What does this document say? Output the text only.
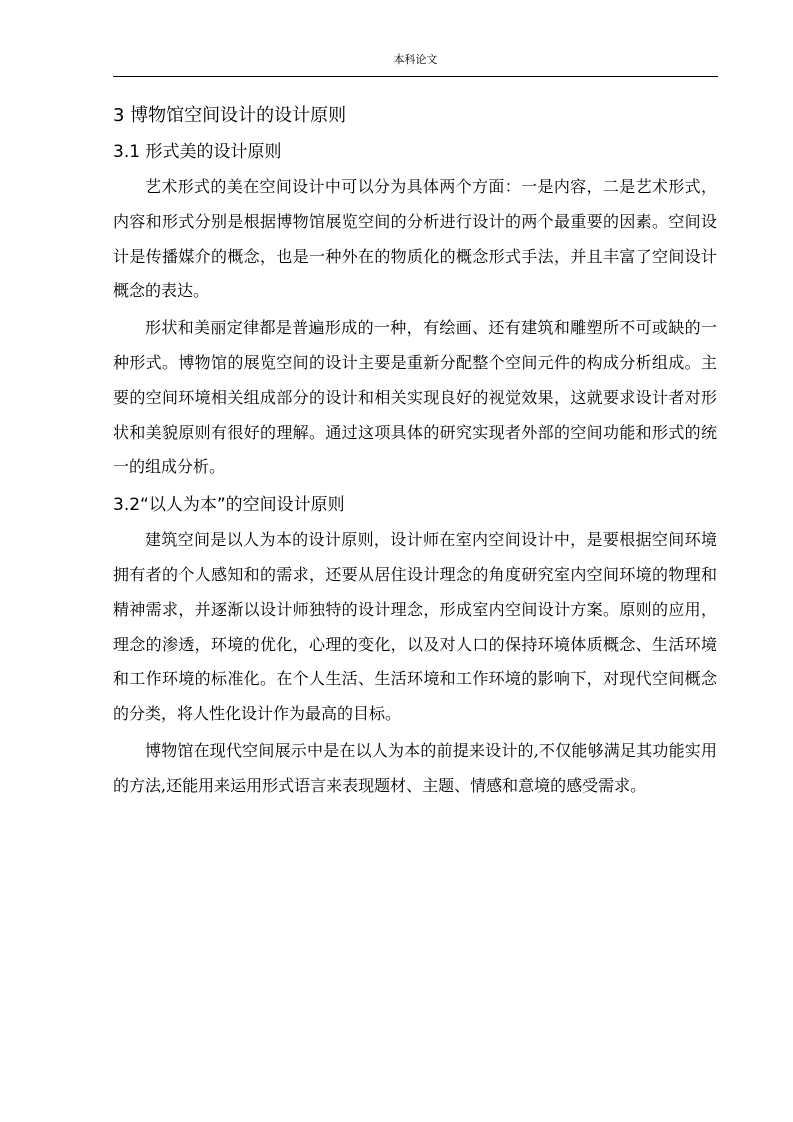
本科论文
3 博物馆空间设计的设计原则
3.1 形式美的设计原则

艺术形式的美在空间设计中可以分为具体两个方面：一是内容，二是艺术形式，内容和形式分别是根据博物馆展览空间的分析进行设计的两个最重要的因素。空间设计是传播媒介的概念，也是一种外在的物质化的概念形式手法，并且丰富了空间设计概念的表达。

形状和美丽定律都是普遍形成的一种，有绘画、还有建筑和雕塑所不可或缺的一种形式。博物馆的展览空间的设计主要是重新分配整个空间元件的构成分析组成。主要的空间环境相关组成部分的设计和相关实现良好的视觉效果，这就要求设计者对形状和美貌原则有很好的理解。通过这项具体的研究实现者外部的空间功能和形式的统一的组成分析。

3.2“以人为本”的空间设计原则

建筑空间是以人为本的设计原则，设计师在室内空间设计中，是要根据空间环境拥有者的个人感知和的需求，还要从居住设计理念的角度研究室内空间环境的物理和精神需求，并逐渐以设计师独特的设计理念，形成室内空间设计方案。原则的应用，理念的渗透，环境的优化，心理的变化，以及对人口的保持环境体质概念、生活环境和工作环境的标准化。在个人生活、生活环境和工作环境的影响下，对现代空间概念的分类，将人性化设计作为最高的目标。

博物馆在现代空间展示中是在以人为本的前提来设计的,不仅能够满足其功能实用的方法,还能用来运用形式语言来表现题材、主题、情感和意境的感受需求。
